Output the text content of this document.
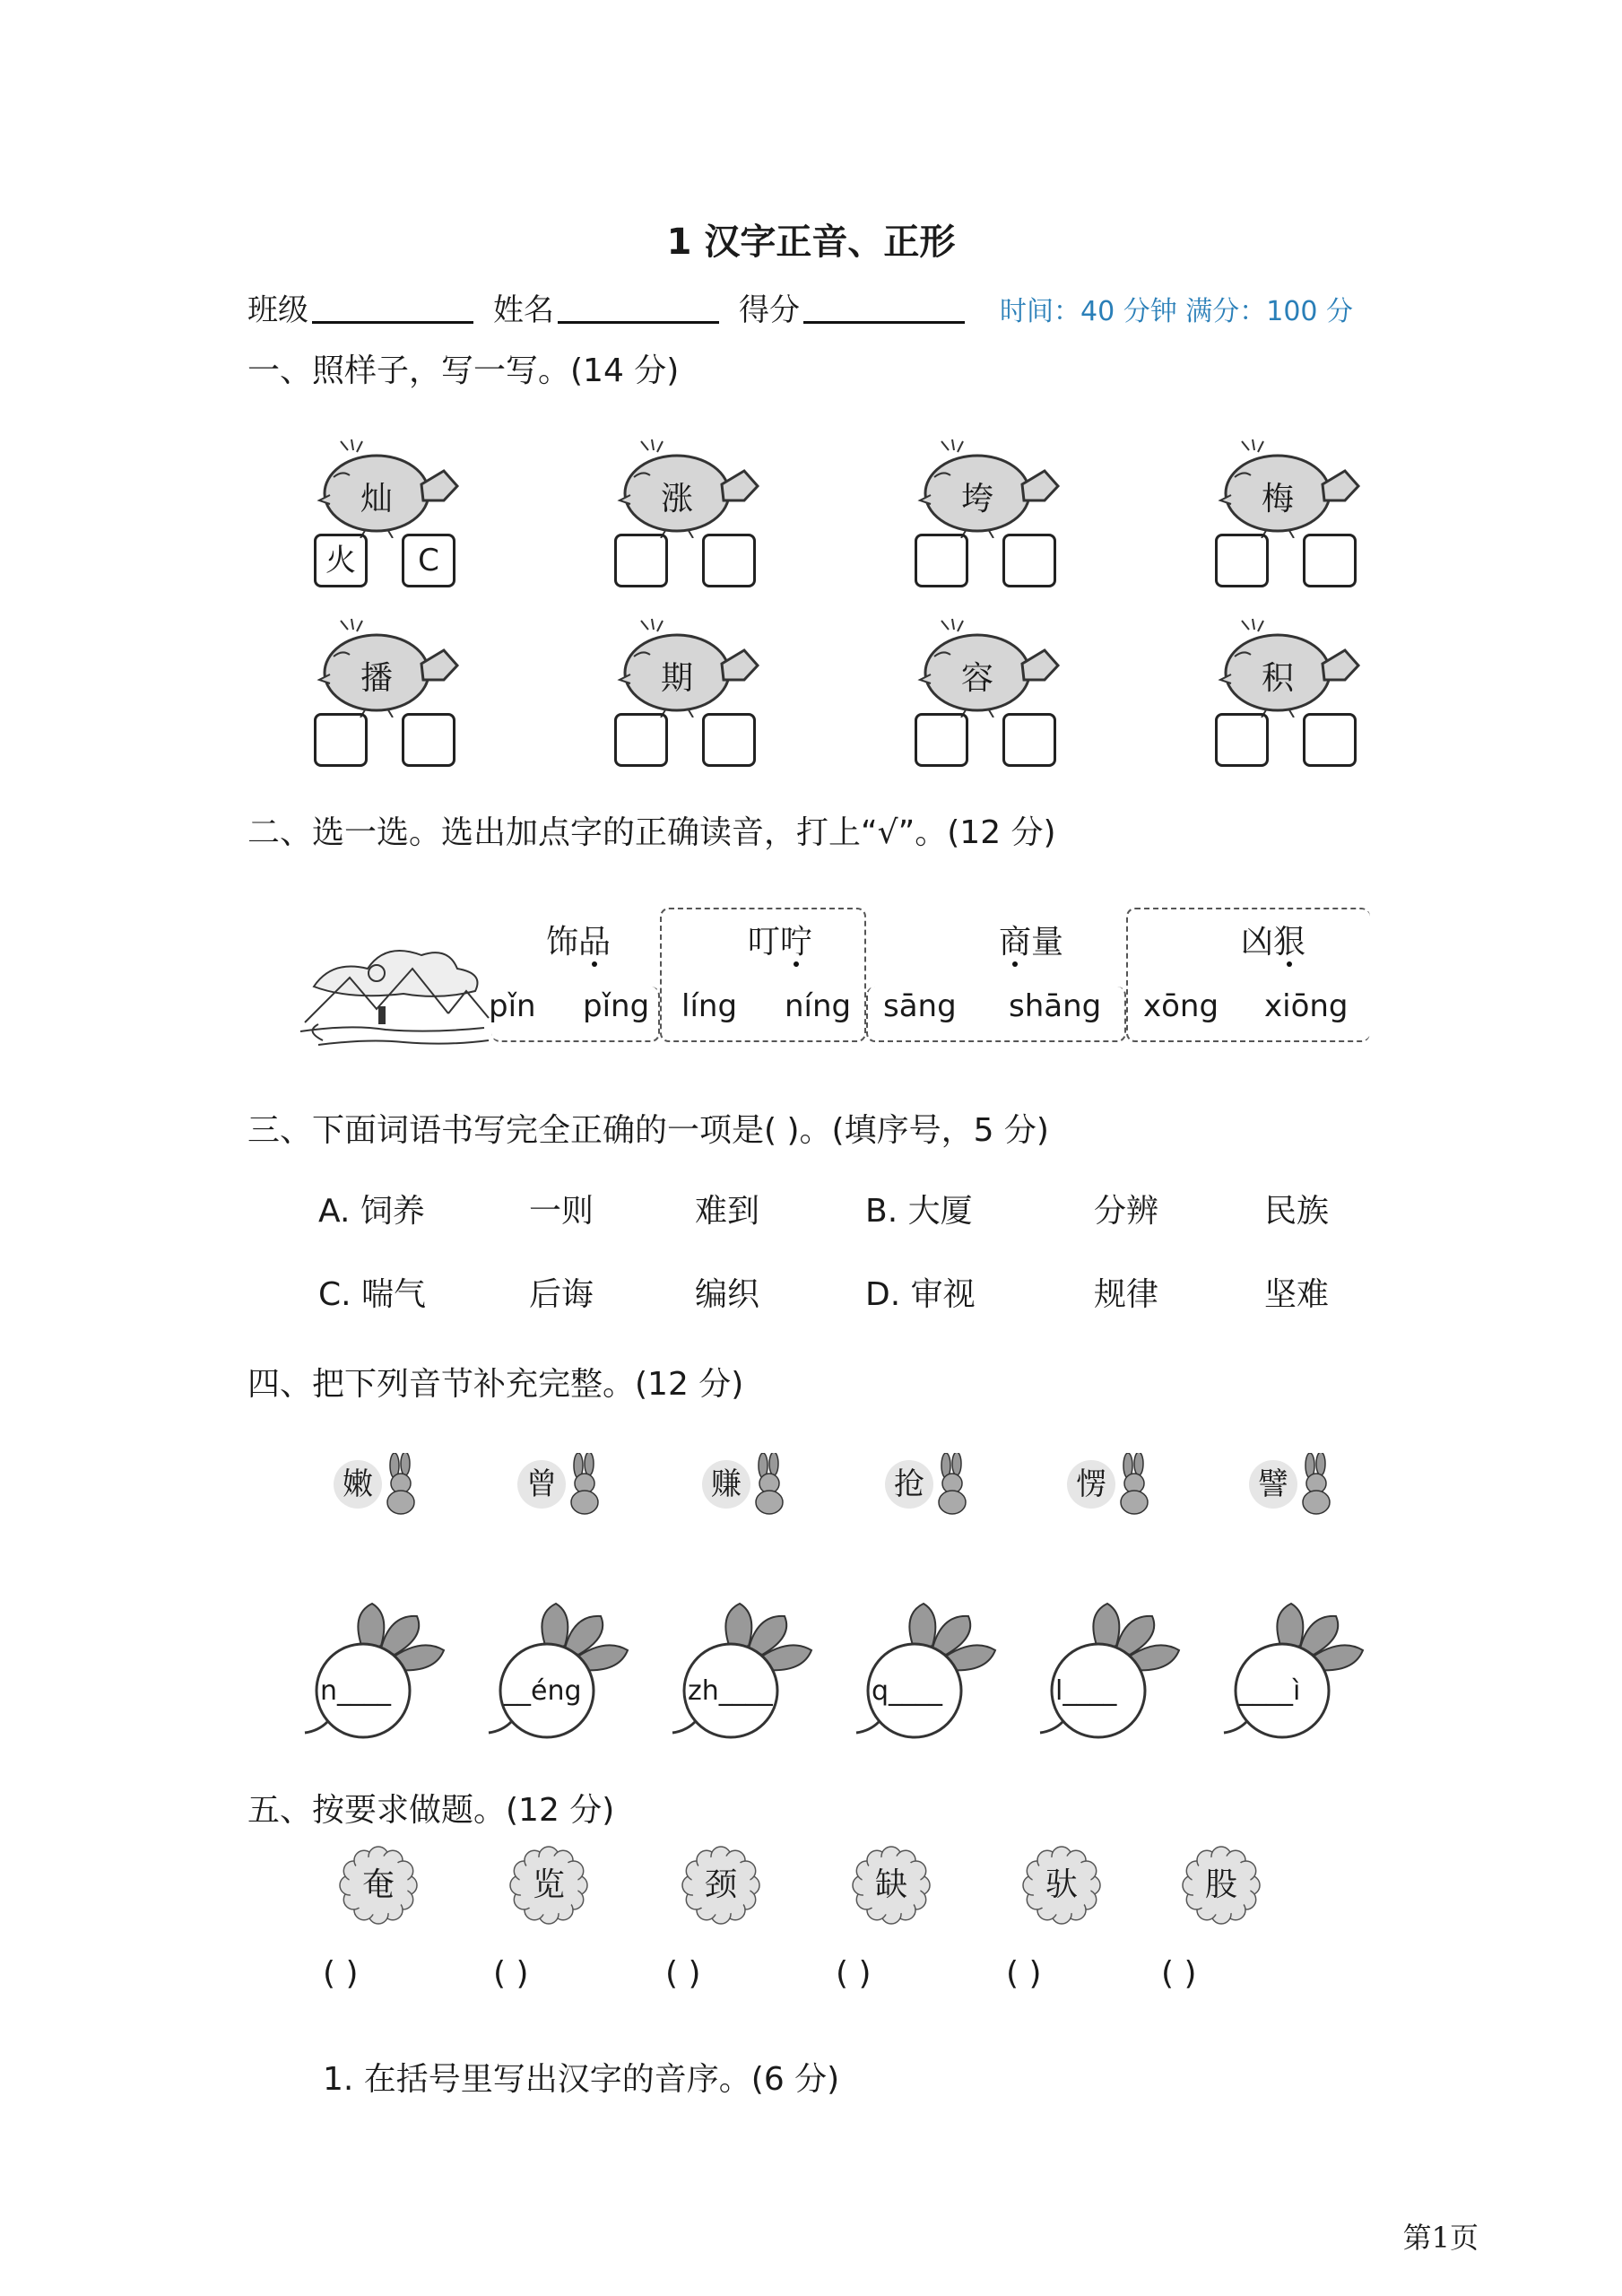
1 汉字正音、正形
班级	姓名	得分	时间：40 分钟 满分：100 分
一、照样子，写一写。(14 分)
灿
火	C
涨	垮	梅
播	期	容	积
二、选一选。选出加点字的正确读音，打上“√”。(12 分)
饰品
pǐn pǐng
叮咛
líng níng
商量
sāng shāng
凶狠
xōng xiōng
三、下面词语书写完全正确的一项是( )。(填序号，5 分)
A. 饲养	一则	难到	B. 大厦	分辨	民族
C. 喘气	后诲	编织	D. 审视	规律	坚难
四、把下列音节补充完整。(12 分)
嫩	曾	赚	抢	愣	譬
n____	__éng	zh____	q____	l____	____ì
五、按要求做题。(12 分)
奄
( )
览
( )
颈
( )
缺
( )
驮
( )
股
( )
1. 在括号里写出汉字的音序。(6 分)
第1页
